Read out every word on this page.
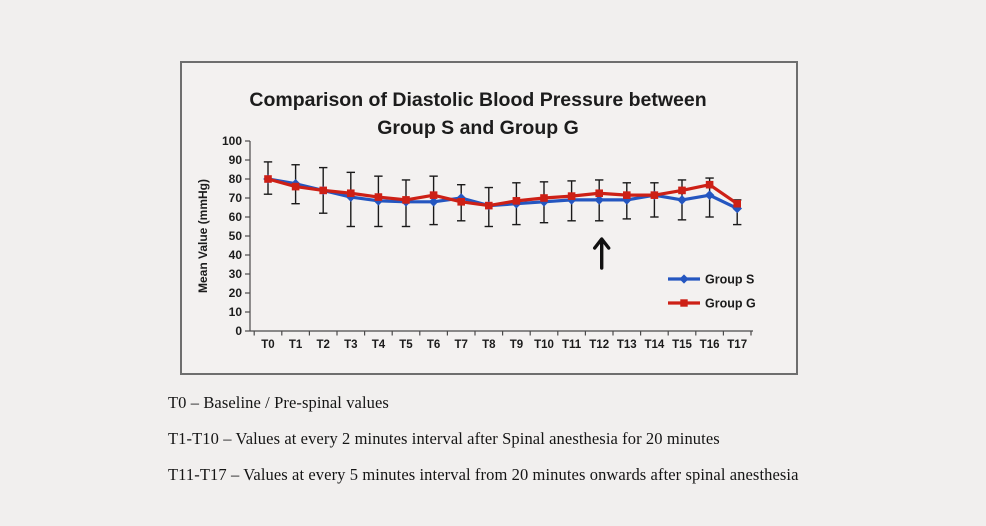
Comparison of Diastolic Blood Pressure between
Group S and Group G
0
10
20
30
40
50
60
70
80
90
100
Mean Value (mmHg)
T0 T1 T2 T3 T4 T5 T6 T7 T8 T9 T10 T11 T12 T13 T14 T15 T16 T17
Group S
Group G
T0 – Baseline / Pre-spinal values
T1-T10 – Values at every 2 minutes interval after Spinal anesthesia for 20 minutes
T11-T17 – Values at every 5 minutes interval from 20 minutes onwards after spinal anesthesia
